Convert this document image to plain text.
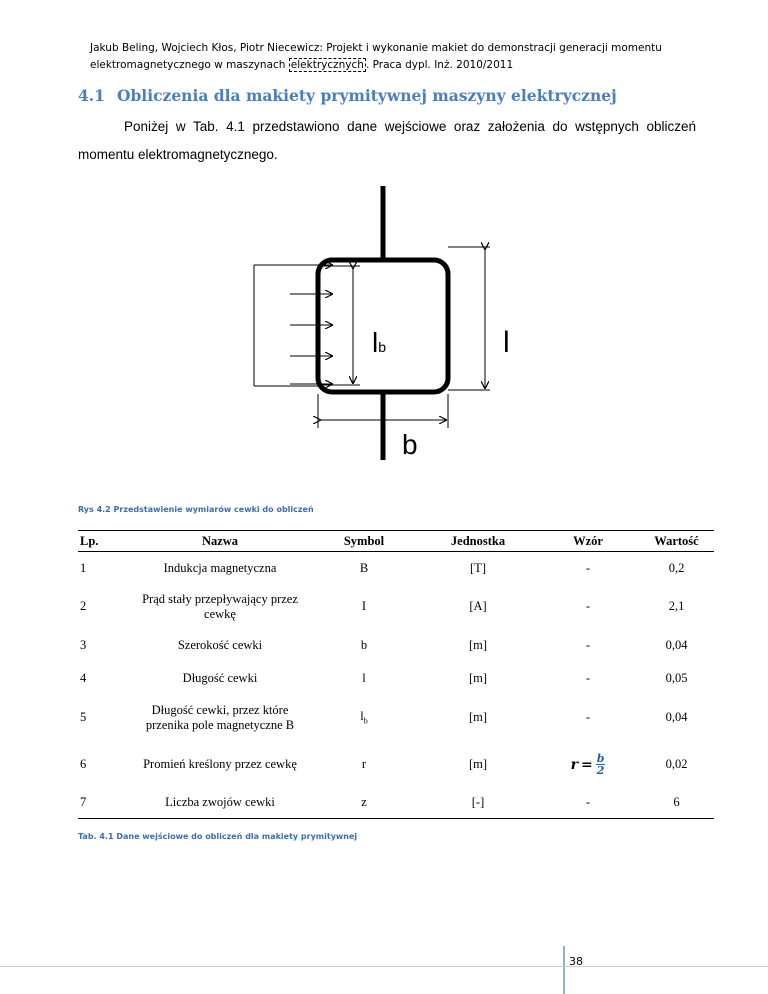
Jakub Beling, Wojciech Kłos, Piotr Niecewicz: Projekt i wykonanie makiet do demonstracji generacji momentu
elektromagnetycznego w maszynach elektrycznych . Praca dypl. Inż. 2010/2011
4.1 Obliczenia dla makiety prymitywnej maszyny elektrycznej
Poniżej w Tab. 4.1 przedstawiono dane wejściowe oraz założenia do wstępnych obliczeń momentu elektromagnetycznego.
lb	l
b
Rys 4.2 Przedstawienie wymiarów cewki do obliczeń
Lp.	Nazwa	Symbol	Jednostka	Wzór	Wartość
1	Indukcja magnetyczna	B	[T]	-	0,2
2	Prąd stały przepływający przez cewkę	I	[A]	-	2,1
3	Szerokość cewki	b	[m]	-	0,04
4	Długość cewki	l	[m]	-	0,05
5	Długość cewki, przez które przenika pole magnetyczne B	$l_b$	[m]	-	0,04
6	Promień kreślony przez cewkę	r	[m]	$r = \frac{b}{2}$	0,02
7	Liczba zwojów cewki	z	[-]	-	6
Tab. 4.1 Dane wejściowe do obliczeń dla makiety prymitywnej
38
